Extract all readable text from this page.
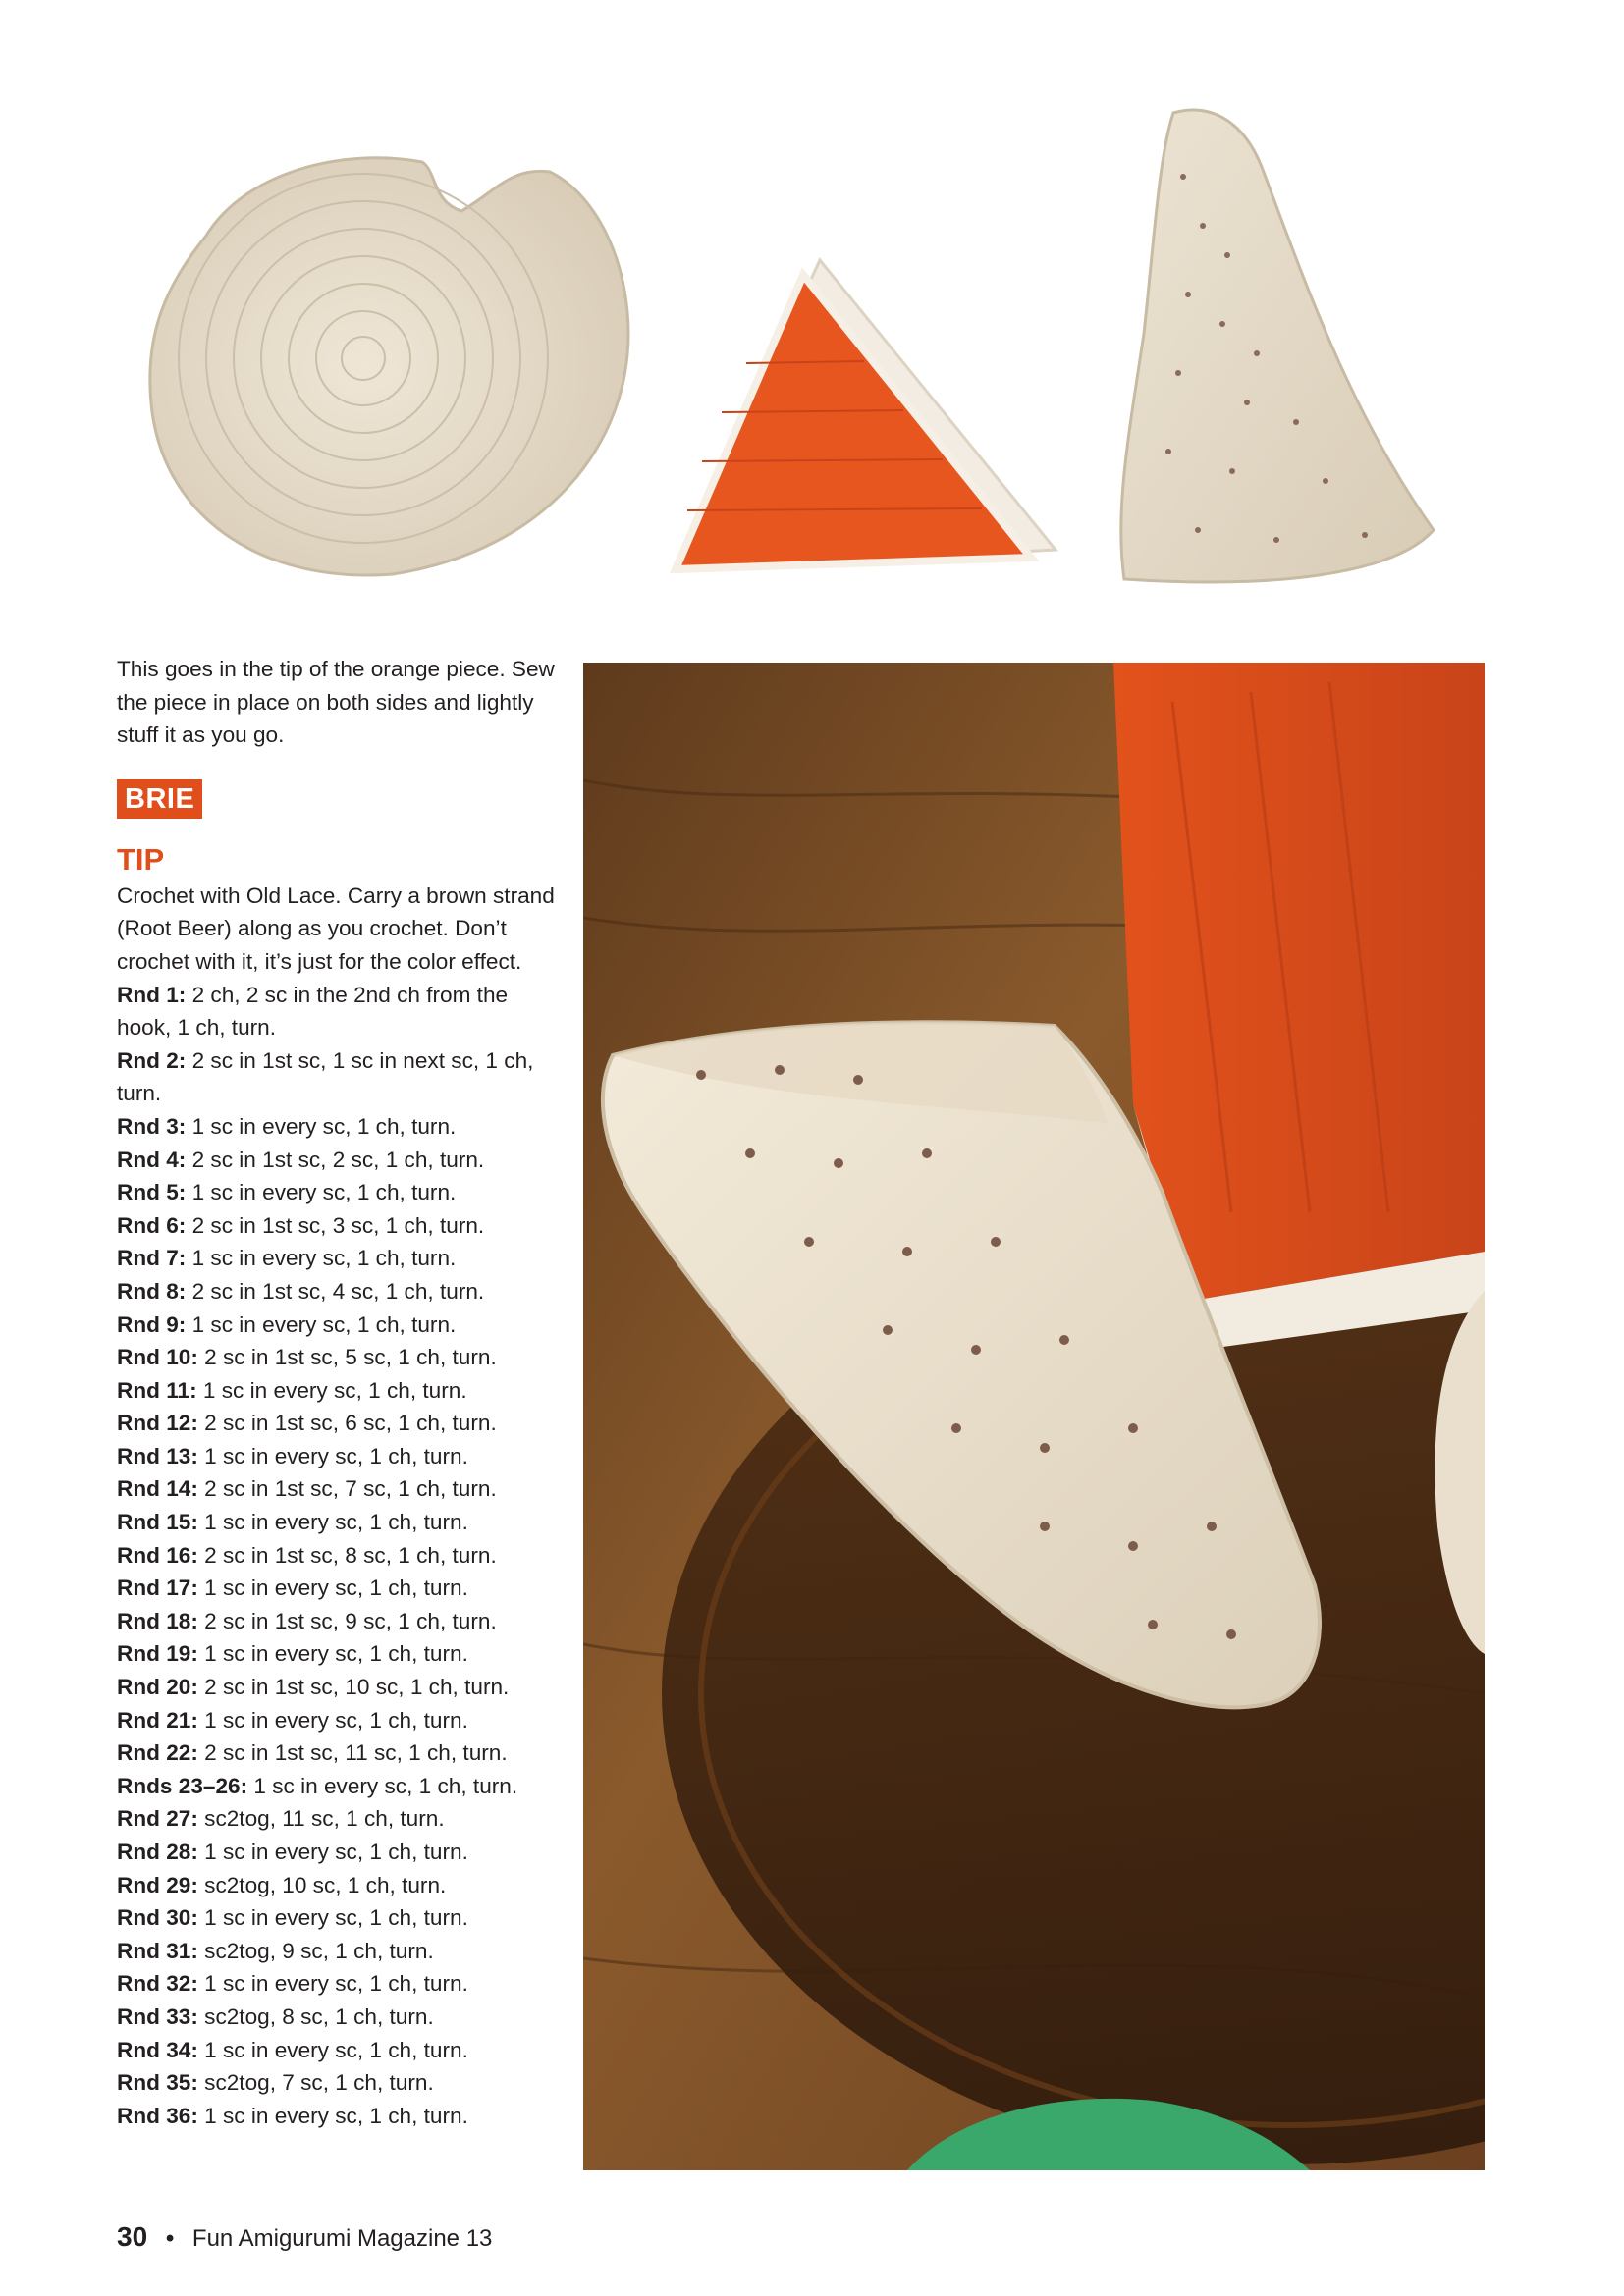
This goes in the tip of the orange piece. Sew the piece in place on both sides and lightly stuff it as you go.

BRIE
TIP

Crochet with Old Lace. Carry a brown strand (Root Beer) along as you crochet. Don’t crochet with it, it’s just for the color effect.

Rnd 1: 2 ch, 2 sc in the 2nd ch from the
hook, 1 ch, turn.
Rnd 2: 2 sc in 1st sc, 1 sc in next sc, 1 ch,
turn.
Rnd 3: 1 sc in every sc, 1 ch, turn.
Rnd 4: 2 sc in 1st sc, 2 sc, 1 ch, turn.
Rnd 5: 1 sc in every sc, 1 ch, turn.
Rnd 6: 2 sc in 1st sc, 3 sc, 1 ch, turn.
Rnd 7: 1 sc in every sc, 1 ch, turn.
Rnd 8: 2 sc in 1st sc, 4 sc, 1 ch, turn.
Rnd 9: 1 sc in every sc, 1 ch, turn.
Rnd 10: 2 sc in 1st sc, 5 sc, 1 ch, turn.
Rnd 11: 1 sc in every sc, 1 ch, turn.
Rnd 12: 2 sc in 1st sc, 6 sc, 1 ch, turn.
Rnd 13: 1 sc in every sc, 1 ch, turn.
Rnd 14: 2 sc in 1st sc, 7 sc, 1 ch, turn.
Rnd 15: 1 sc in every sc, 1 ch, turn.
Rnd 16: 2 sc in 1st sc, 8 sc, 1 ch, turn.
Rnd 17: 1 sc in every sc, 1 ch, turn.
Rnd 18: 2 sc in 1st sc, 9 sc, 1 ch, turn.
Rnd 19: 1 sc in every sc, 1 ch, turn.
Rnd 20: 2 sc in 1st sc, 10 sc, 1 ch, turn.
Rnd 21: 1 sc in every sc, 1 ch, turn.
Rnd 22: 2 sc in 1st sc, 11 sc, 1 ch, turn.
Rnds 23–26: 1 sc in every sc, 1 ch, turn.
Rnd 27: sc2tog, 11 sc, 1 ch, turn.
Rnd 28: 1 sc in every sc, 1 ch, turn.
Rnd 29: sc2tog, 10 sc, 1 ch, turn.
Rnd 30: 1 sc in every sc, 1 ch, turn.
Rnd 31: sc2tog, 9 sc, 1 ch, turn.
Rnd 32: 1 sc in every sc, 1 ch, turn.
Rnd 33: sc2tog, 8 sc, 1 ch, turn.
Rnd 34: 1 sc in every sc, 1 ch, turn.
Rnd 35: sc2tog, 7 sc, 1 ch, turn.
Rnd 36: 1 sc in every sc, 1 ch, turn.
30 • Fun Amigurumi Magazine 13
